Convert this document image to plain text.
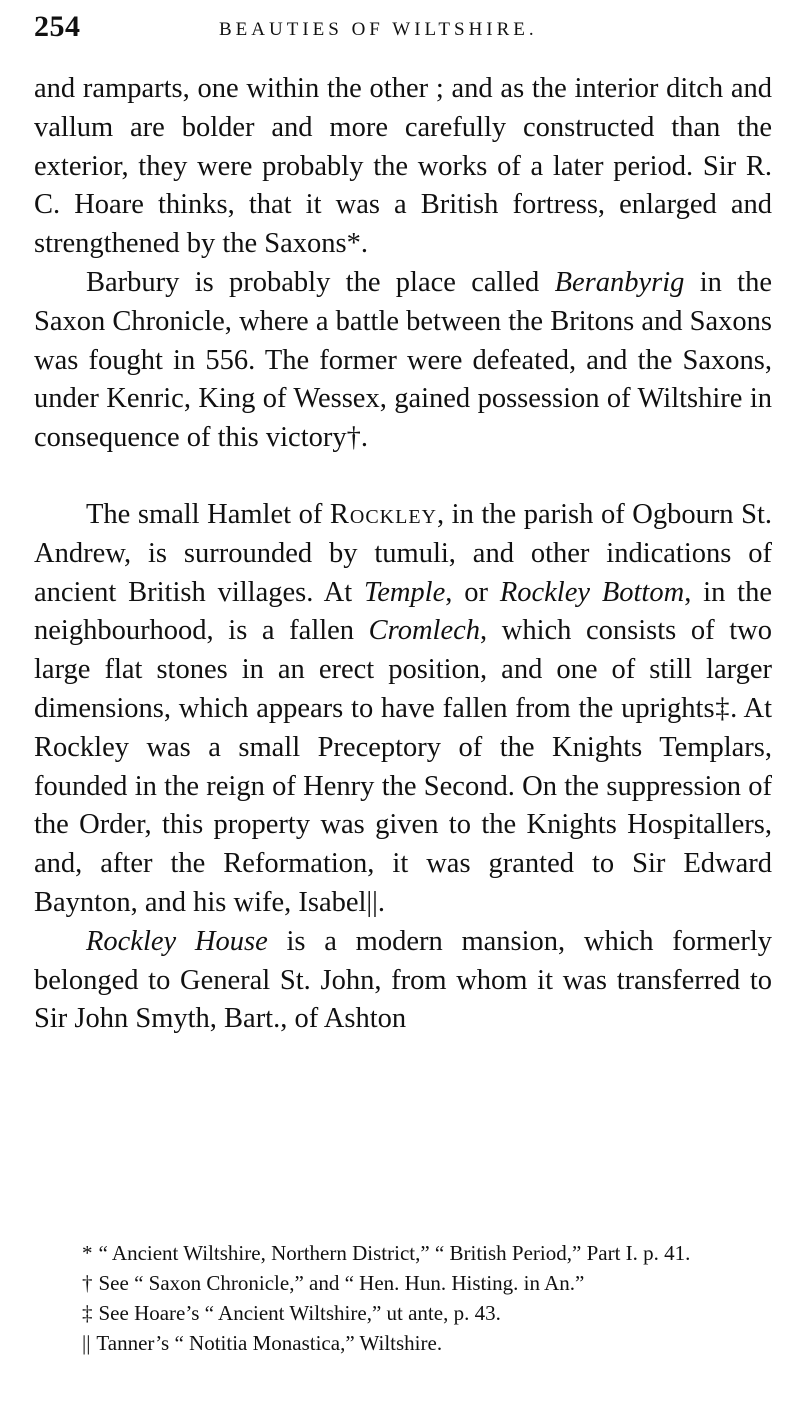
254	BEAUTIES OF WILTSHIRE.

and ramparts, one within the other ; and as the interior ditch and vallum are bolder and more carefully constructed than the exterior, they were probably the works of a later period. Sir R. C. Hoare thinks, that it was a British fortress, enlarged and strengthened by the Saxons*.

Barbury is probably the place called Beranbyrig in the Saxon Chronicle, where a battle between the Britons and Saxons was fought in 556. The former were defeated, and the Saxons, under Kenric, King of Wessex, gained possession of Wiltshire in consequence of this victory†.

The small Hamlet of Rockley, in the parish of Ogbourn St. Andrew, is surrounded by tumuli, and other indications of ancient British villages. At Temple, or Rockley Bottom, in the neighbourhood, is a fallen Cromlech, which consists of two large flat stones in an erect position, and one of still larger dimensions, which appears to have fallen from the uprights‡. At Rockley was a small Preceptory of the Knights Templars, founded in the reign of Henry the Second. On the suppression of the Order, this property was given to the Knights Hospitallers, and, after the Reformation, it was granted to Sir Edward Baynton, and his wife, Isabel||.

Rockley House is a modern mansion, which formerly belonged to General St. John, from whom it was transferred to Sir John Smyth, Bart., of Ashton

* “ Ancient Wiltshire, Northern District,” “ British Period,” Part I. p. 41.

† See “ Saxon Chronicle,” and “ Hen. Hun. Histing. in An.”

‡ See Hoare’s “ Ancient Wiltshire,” ut ante, p. 43.

|| Tanner’s “ Notitia Monastica,” Wiltshire.
